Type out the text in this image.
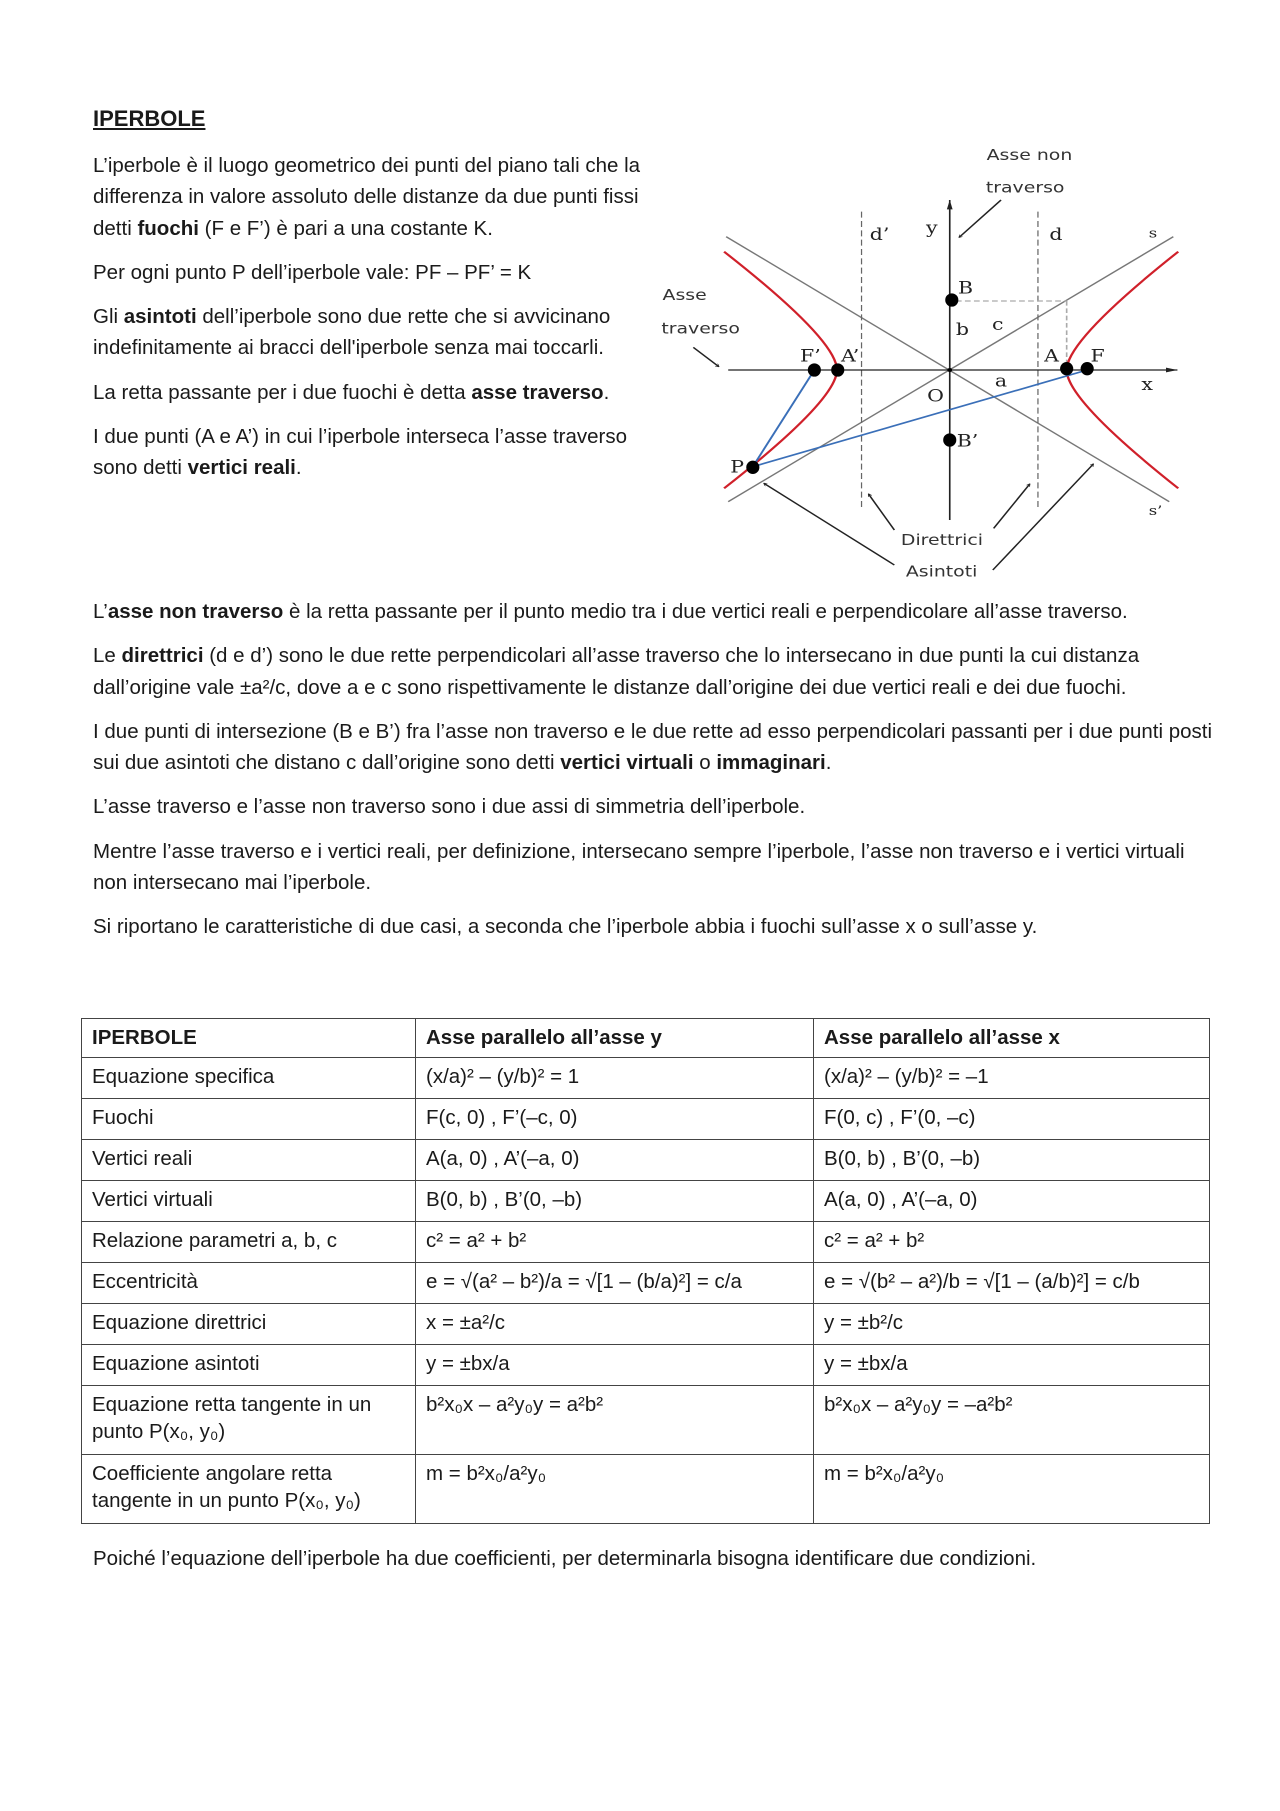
IPERBOLE

L’iperbole è il luogo geometrico dei punti del piano tali che la differenza in valore assoluto delle distanze da due punti fissi detti fuochi (F e F’) è pari a una costante K.

Per ogni punto P dell’iperbole vale: PF – PF’ = K

Gli asintoti dell’iperbole sono due rette che si avvicinano indefinitamente ai bracci dell'iperbole senza mai toccarli.

La retta passante per i due fuochi è detta asse traverso.

I due punti (A e A’) in cui l’iperbole interseca l’asse traverso sono detti vertici reali.

L’asse non traverso è la retta passante per il punto medio tra i due vertici reali e perpendicolare all’asse traverso.

Le direttrici (d e d’) sono le due rette perpendicolari all’asse traverso che lo intersecano in due punti la cui distanza dall’origine vale ±a²/c, dove a e c sono rispettivamente le distanze dall’origine dei due vertici reali e dei due fuochi.

I due punti di intersezione (B e B’) fra l’asse non traverso e le due rette ad esso perpendicolari passanti per i due punti posti sui due asintoti che distano c dall’origine sono detti vertici virtuali o immaginari.

L’asse traverso e l’asse non traverso sono i due assi di simmetria dell’iperbole.

Mentre l’asse traverso e i vertici reali, per definizione, intersecano sempre l’iperbole, l’asse non traverso e i vertici virtuali non intersecano mai l’iperbole.

Si riportano le caratteristiche di due casi, a seconda che l’iperbole abbia i fuochi sull’asse x o sull’asse y.

Asse non
traverso
Asse
traverso
Direttrici
Asintoti
y
x
d’	d s
s’
B
B’
b c
a
O
F’ A’	A F
P
IPERBOLE	Asse parallelo all’asse y	Asse parallelo all’asse x
Equazione specifica	(x/a)² – (y/b)² = 1	(x/a)² – (y/b)² = –1
Fuochi	F(c, 0) , F’(–c, 0)	F(0, c) , F’(0, –c)
Vertici reali	A(a, 0) , A’(–a, 0)	B(0, b) , B’(0, –b)
Vertici virtuali	B(0, b) , B’(0, –b)	A(a, 0) , A’(–a, 0)
Relazione parametri a, b, c	c² = a² + b²	c² = a² + b²
Eccentricità	e = √(a² – b²)/a = √[1 – (b/a)²] = c/a	e = √(b² – a²)/b = √[1 – (a/b)²] = c/b
Equazione direttrici	x = ±a²/c	y = ±b²/c
Equazione asintoti	y = ±bx/a	y = ±bx/a
Equazione retta tangente in un punto P(x₀, y₀)	b²x₀x – a²y₀y = a²b²	b²x₀x – a²y₀y = –a²b²
Coefficiente angolare retta tangente in un punto P(x₀, y₀)	m = b²x₀/a²y₀	m = b²x₀/a²y₀
Poiché l’equazione dell’iperbole ha due coefficienti, per determinarla bisogna identificare due condizioni.
